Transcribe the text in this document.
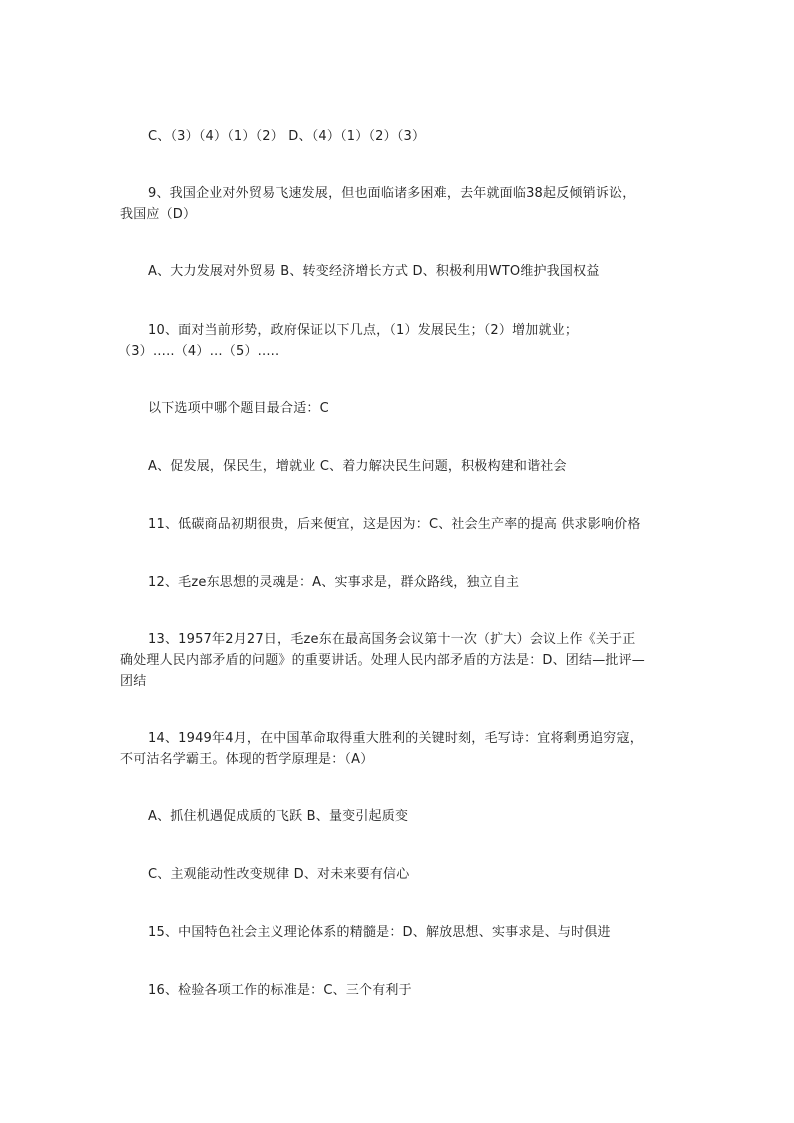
C、（3）（4）（1）（2） D、（4）（1）（2）（3）
9、我国企业对外贸易飞速发展，但也面临诸多困难，去年就面临38起反倾销诉讼，
我国应（D）
A、大力发展对外贸易 B、转变经济增长方式 D、积极利用WTO维护我国权益
10、面对当前形势，政府保证以下几点，（1）发展民生；（2）增加就业；
（3）…..（4）…（5）.....
以下选项中哪个题目最合适：C
A、促发展，保民生，增就业 C、着力解决民生问题，积极构建和谐社会
11、低碳商品初期很贵，后来便宜，这是因为：C、社会生产率的提高 供求影响价格
12、毛ze东思想的灵魂是：A、实事求是，群众路线，独立自主
13、1957年2月27日，毛ze东在最高国务会议第十一次（扩大）会议上作《关于正
确处理人民内部矛盾的问题》的重要讲话。处理人民内部矛盾的方法是：D、团结—批评—
团结
14、1949年4月，在中国革命取得重大胜利的关键时刻，毛写诗：宜将剩勇追穷寇，
不可沽名学霸王。体现的哲学原理是：（A）
A、抓住机遇促成质的飞跃 B、量变引起质变
C、主观能动性改变规律 D、对未来要有信心
15、中国特色社会主义理论体系的精髓是：D、解放思想、实事求是、与时俱进
16、检验各项工作的标准是：C、三个有利于
